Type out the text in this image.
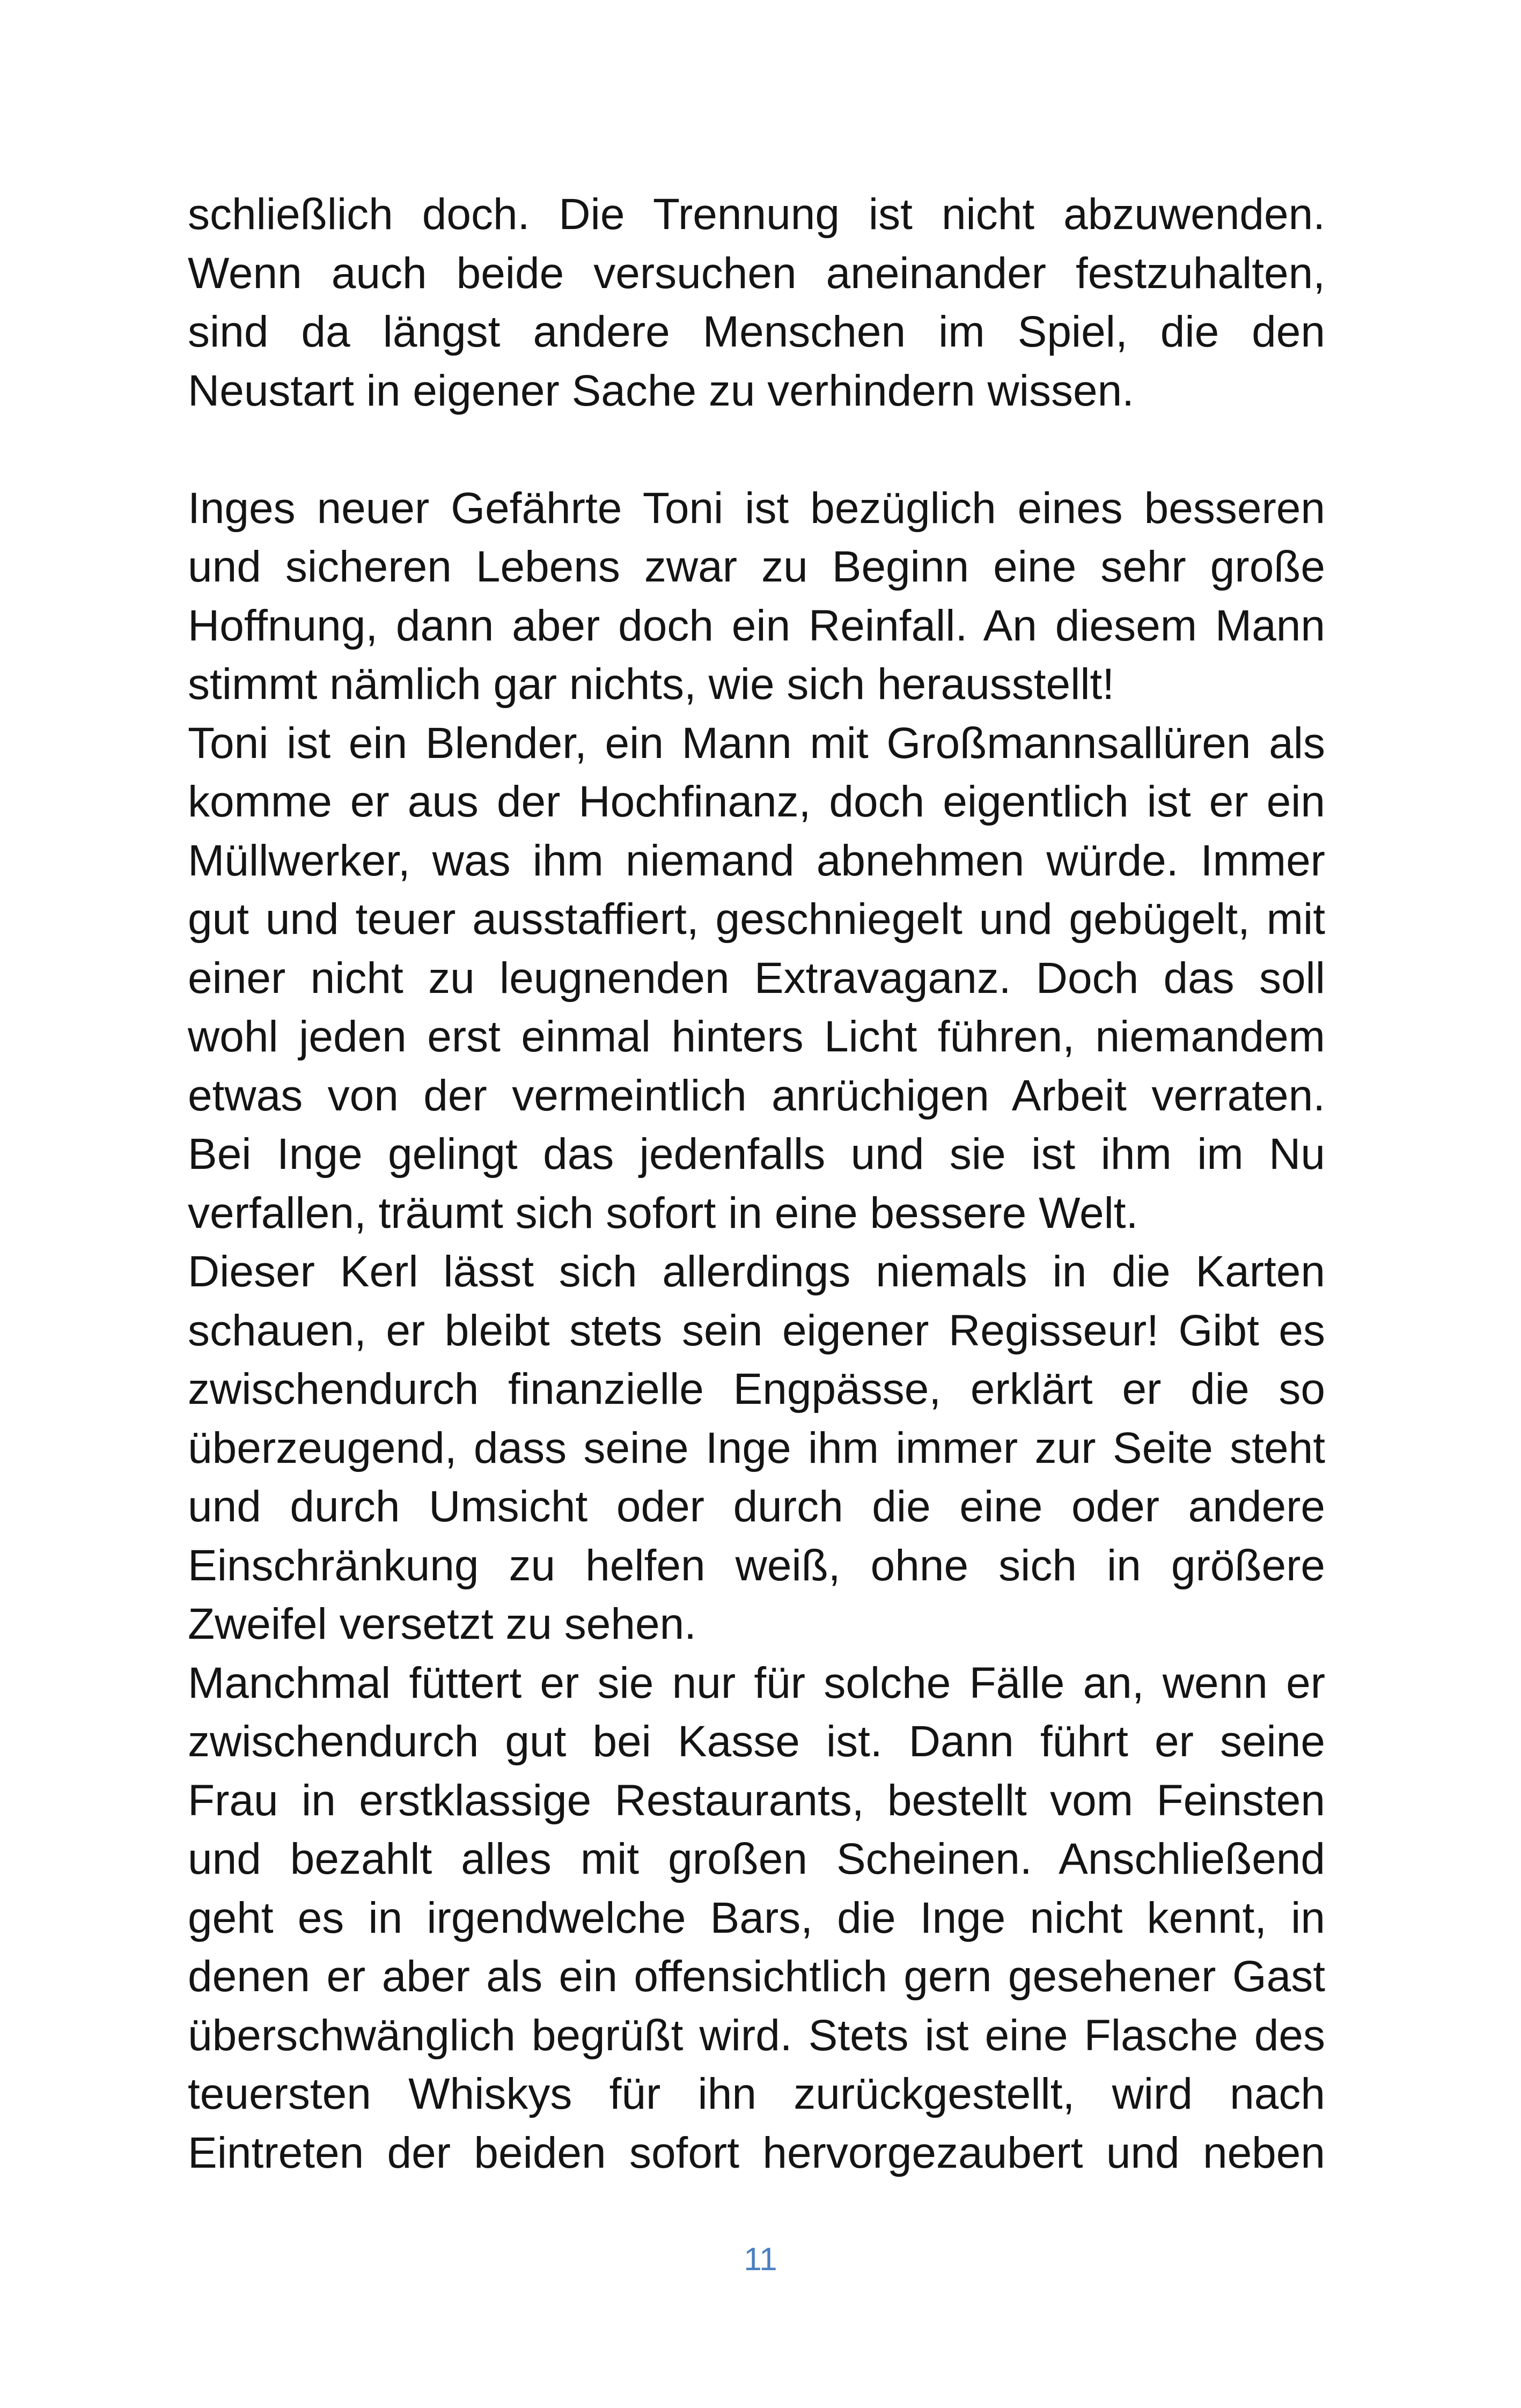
schließlich doch. Die Trennung ist nicht abzuwenden.
Wenn auch beide versuchen aneinander festzuhalten,
sind da längst andere Menschen im Spiel, die den
Neustart in eigener Sache zu verhindern wissen.

Inges neuer Gefährte Toni ist bezüglich eines besseren
und sicheren Lebens zwar zu Beginn eine sehr große
Hoffnung, dann aber doch ein Reinfall. An diesem Mann
stimmt nämlich gar nichts, wie sich herausstellt!

Toni ist ein Blender, ein Mann mit Großmannsallüren als
komme er aus der Hochfinanz, doch eigentlich ist er ein
Müllwerker, was ihm niemand abnehmen würde. Immer
gut und teuer ausstaffiert, geschniegelt und gebügelt, mit
einer nicht zu leugnenden Extravaganz. Doch das soll
wohl jeden erst einmal hinters Licht führen, niemandem
etwas von der vermeintlich anrüchigen Arbeit verraten.
Bei Inge gelingt das jedenfalls und sie ist ihm im Nu
verfallen, träumt sich sofort in eine bessere Welt.

Dieser Kerl lässt sich allerdings niemals in die Karten
schauen, er bleibt stets sein eigener Regisseur! Gibt es
zwischendurch finanzielle Engpässe, erklärt er die so
überzeugend, dass seine Inge ihm immer zur Seite steht
und durch Umsicht oder durch die eine oder andere
Einschränkung zu helfen weiß, ohne sich in größere
Zweifel versetzt zu sehen.

Manchmal füttert er sie nur für solche Fälle an, wenn er
zwischendurch gut bei Kasse ist. Dann führt er seine
Frau in erstklassige Restaurants, bestellt vom Feinsten
und bezahlt alles mit großen Scheinen. Anschließend
geht es in irgendwelche Bars, die Inge nicht kennt, in
denen er aber als ein offensichtlich gern gesehener Gast
überschwänglich begrüßt wird. Stets ist eine Flasche des
teuersten Whiskys für ihn zurückgestellt, wird nach
Eintreten der beiden sofort hervorgezaubert und neben

11
